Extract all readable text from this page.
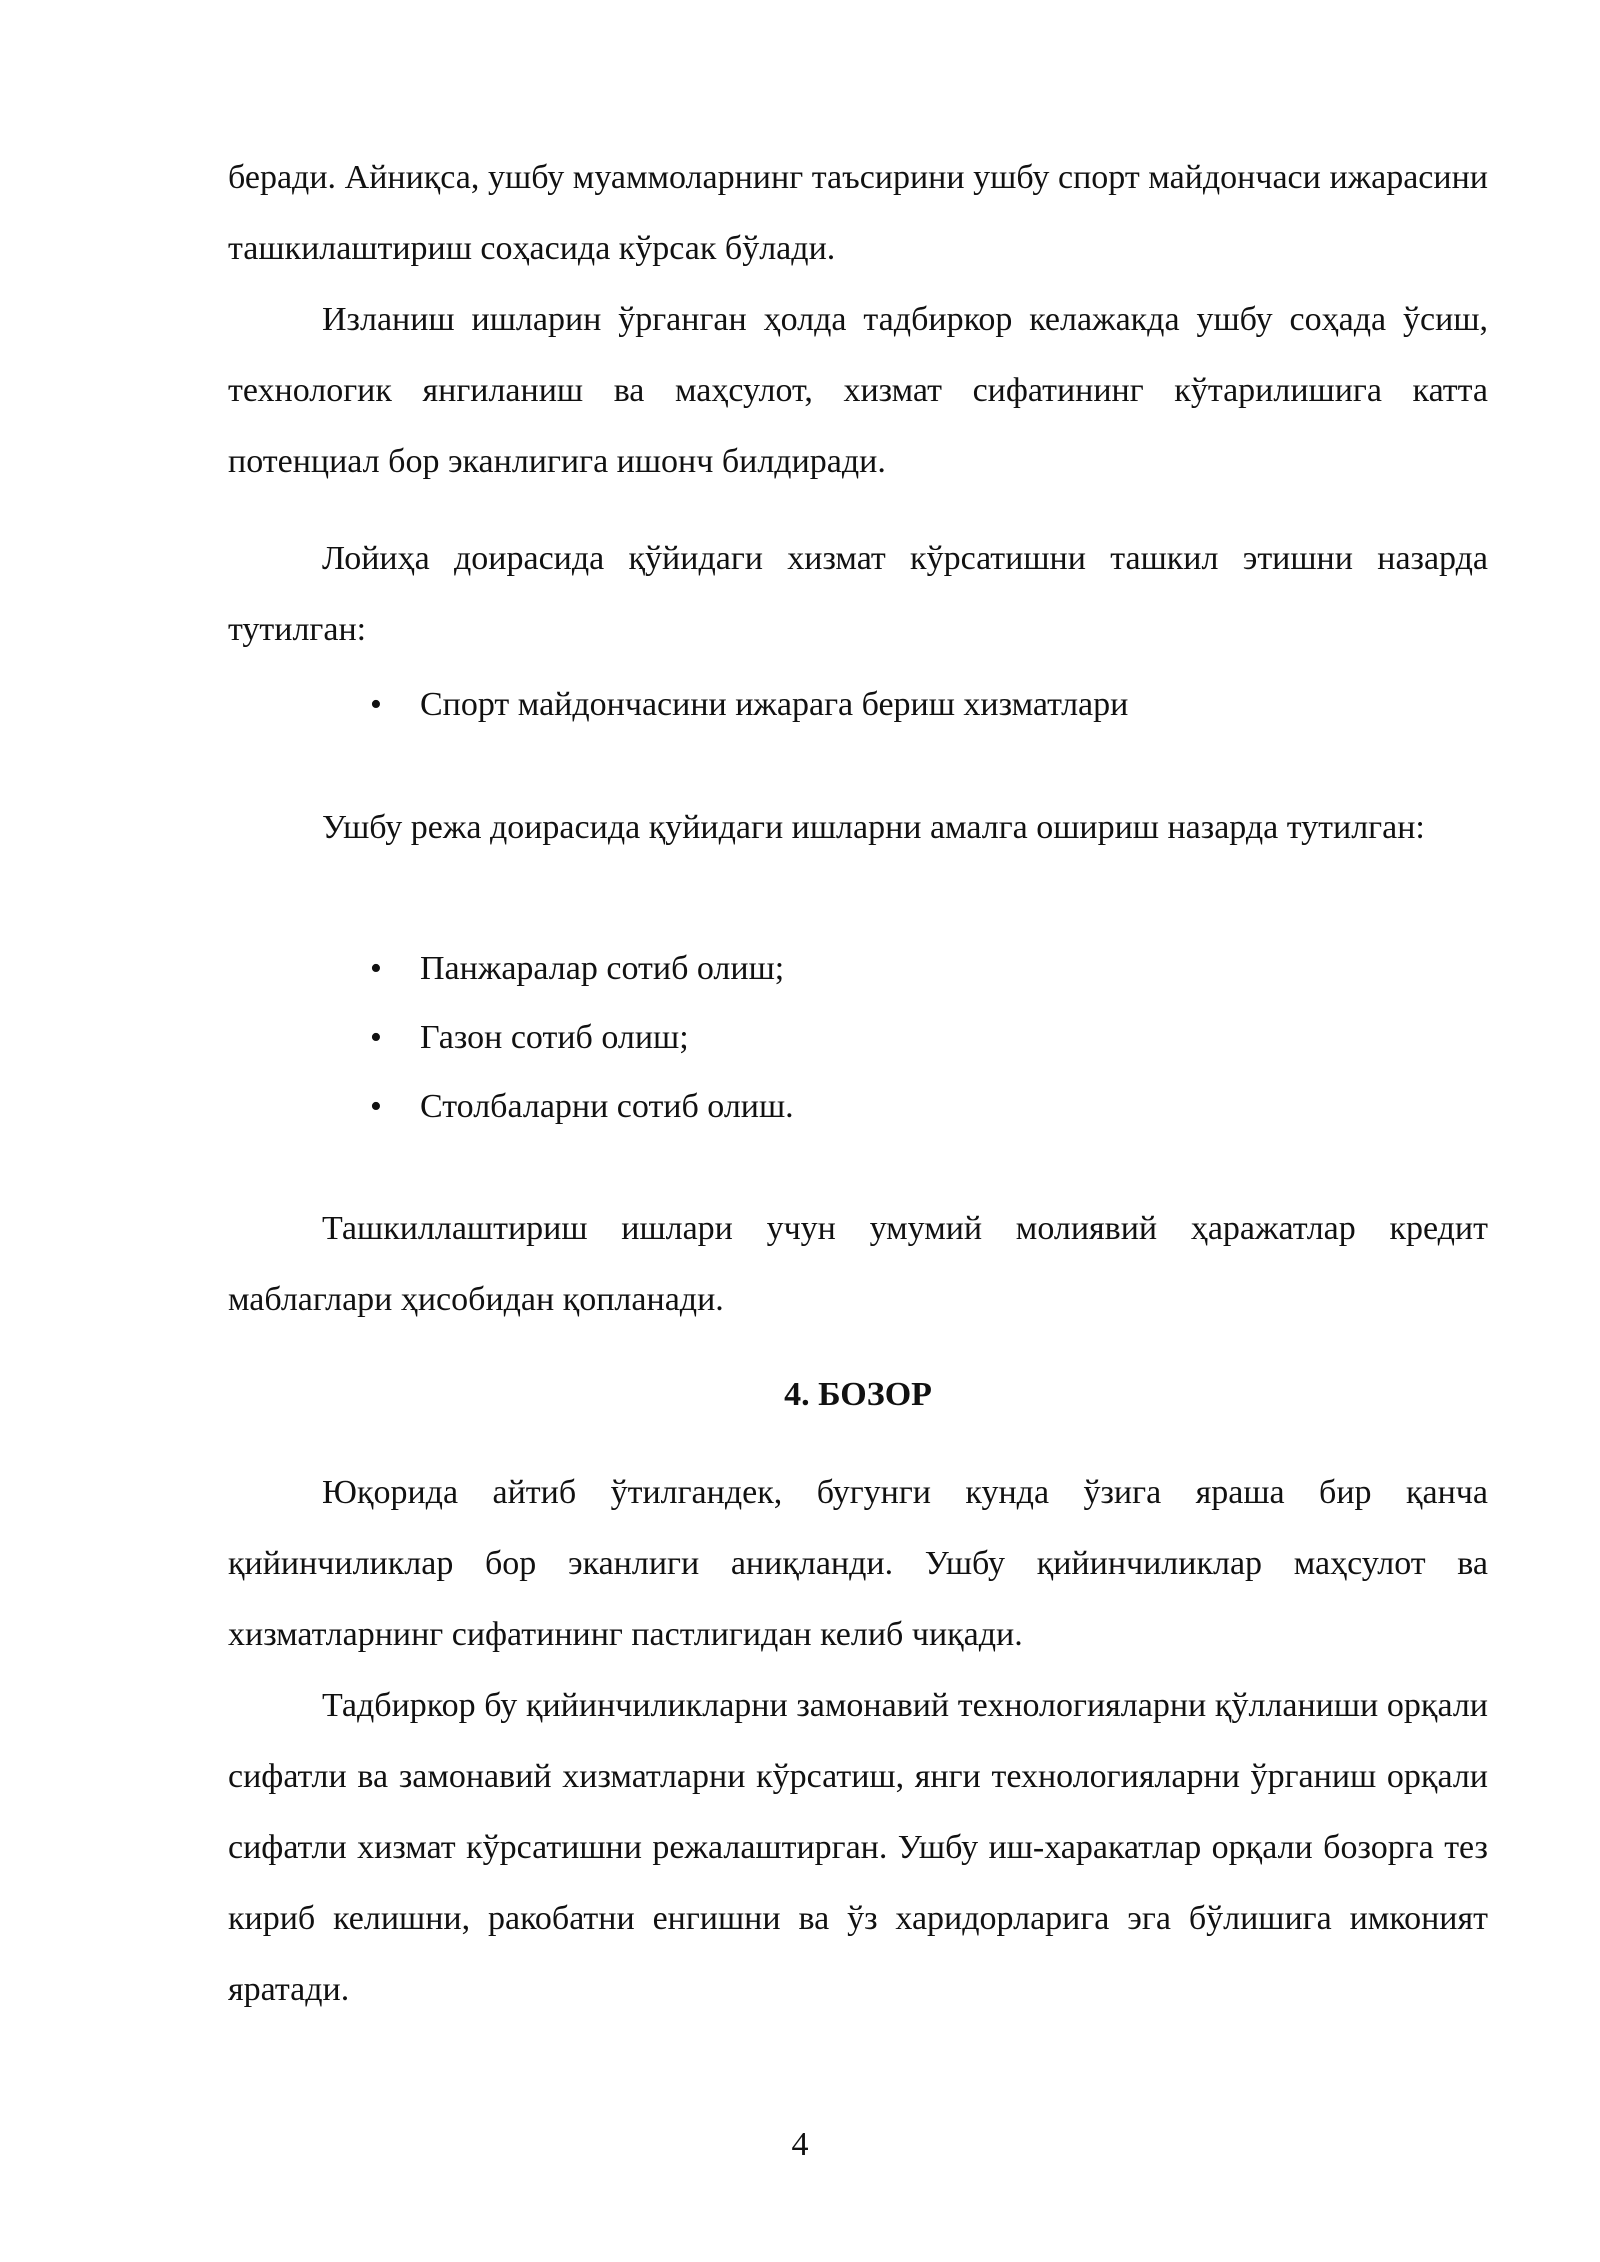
беради. Айниқса, ушбу муаммоларнинг таъсирини ушбу спорт майдончаси ижарасини ташкилаштириш соҳасида кўрсак бўлади.

Изланиш ишларин ўрганган ҳолда тадбиркор келажакда ушбу соҳада ўсиш, технологик янгиланиш ва маҳсулот, хизмат сифатининг кўтарилишига катта потенциал бор эканлигига ишонч билдиради.

Лойиҳа доирасида қўйидаги хизмат кўрсатишни ташкил этишни назарда тутилган:

• Спорт майдончасини ижарага бериш хизматлари

Ушбу режа доирасида қуйидаги ишларни амалга ошириш назарда тутилган:

• Панжаралар сотиб олиш;
• Газон сотиб олиш;
• Столбаларни сотиб олиш.

Ташкиллаштириш ишлари учун умумий молиявий ҳаражатлар кредит маблаглари ҳисобидан қопланади.

4. БОЗОР

Юқорида айтиб ўтилгандек, бугунги кунда ўзига яраша бир қанча қийинчиликлар бор эканлиги аниқланди. Ушбу қийинчиликлар маҳсулот ва хизматларнинг сифатининг пастлигидан келиб чиқади.

Тадбиркор бу қийинчиликларни замонавий технологияларни қўлланиши орқали сифатли ва замонавий хизматларни кўрсатиш, янги технологияларни ўрганиш орқали сифатли хизмат кўрсатишни режалаштирган. Ушбу иш-харакатлар орқали бозорга тез кириб келишни, ракобатни енгишни ва ўз харидорларига эга бўлишига имконият яратади.

4
